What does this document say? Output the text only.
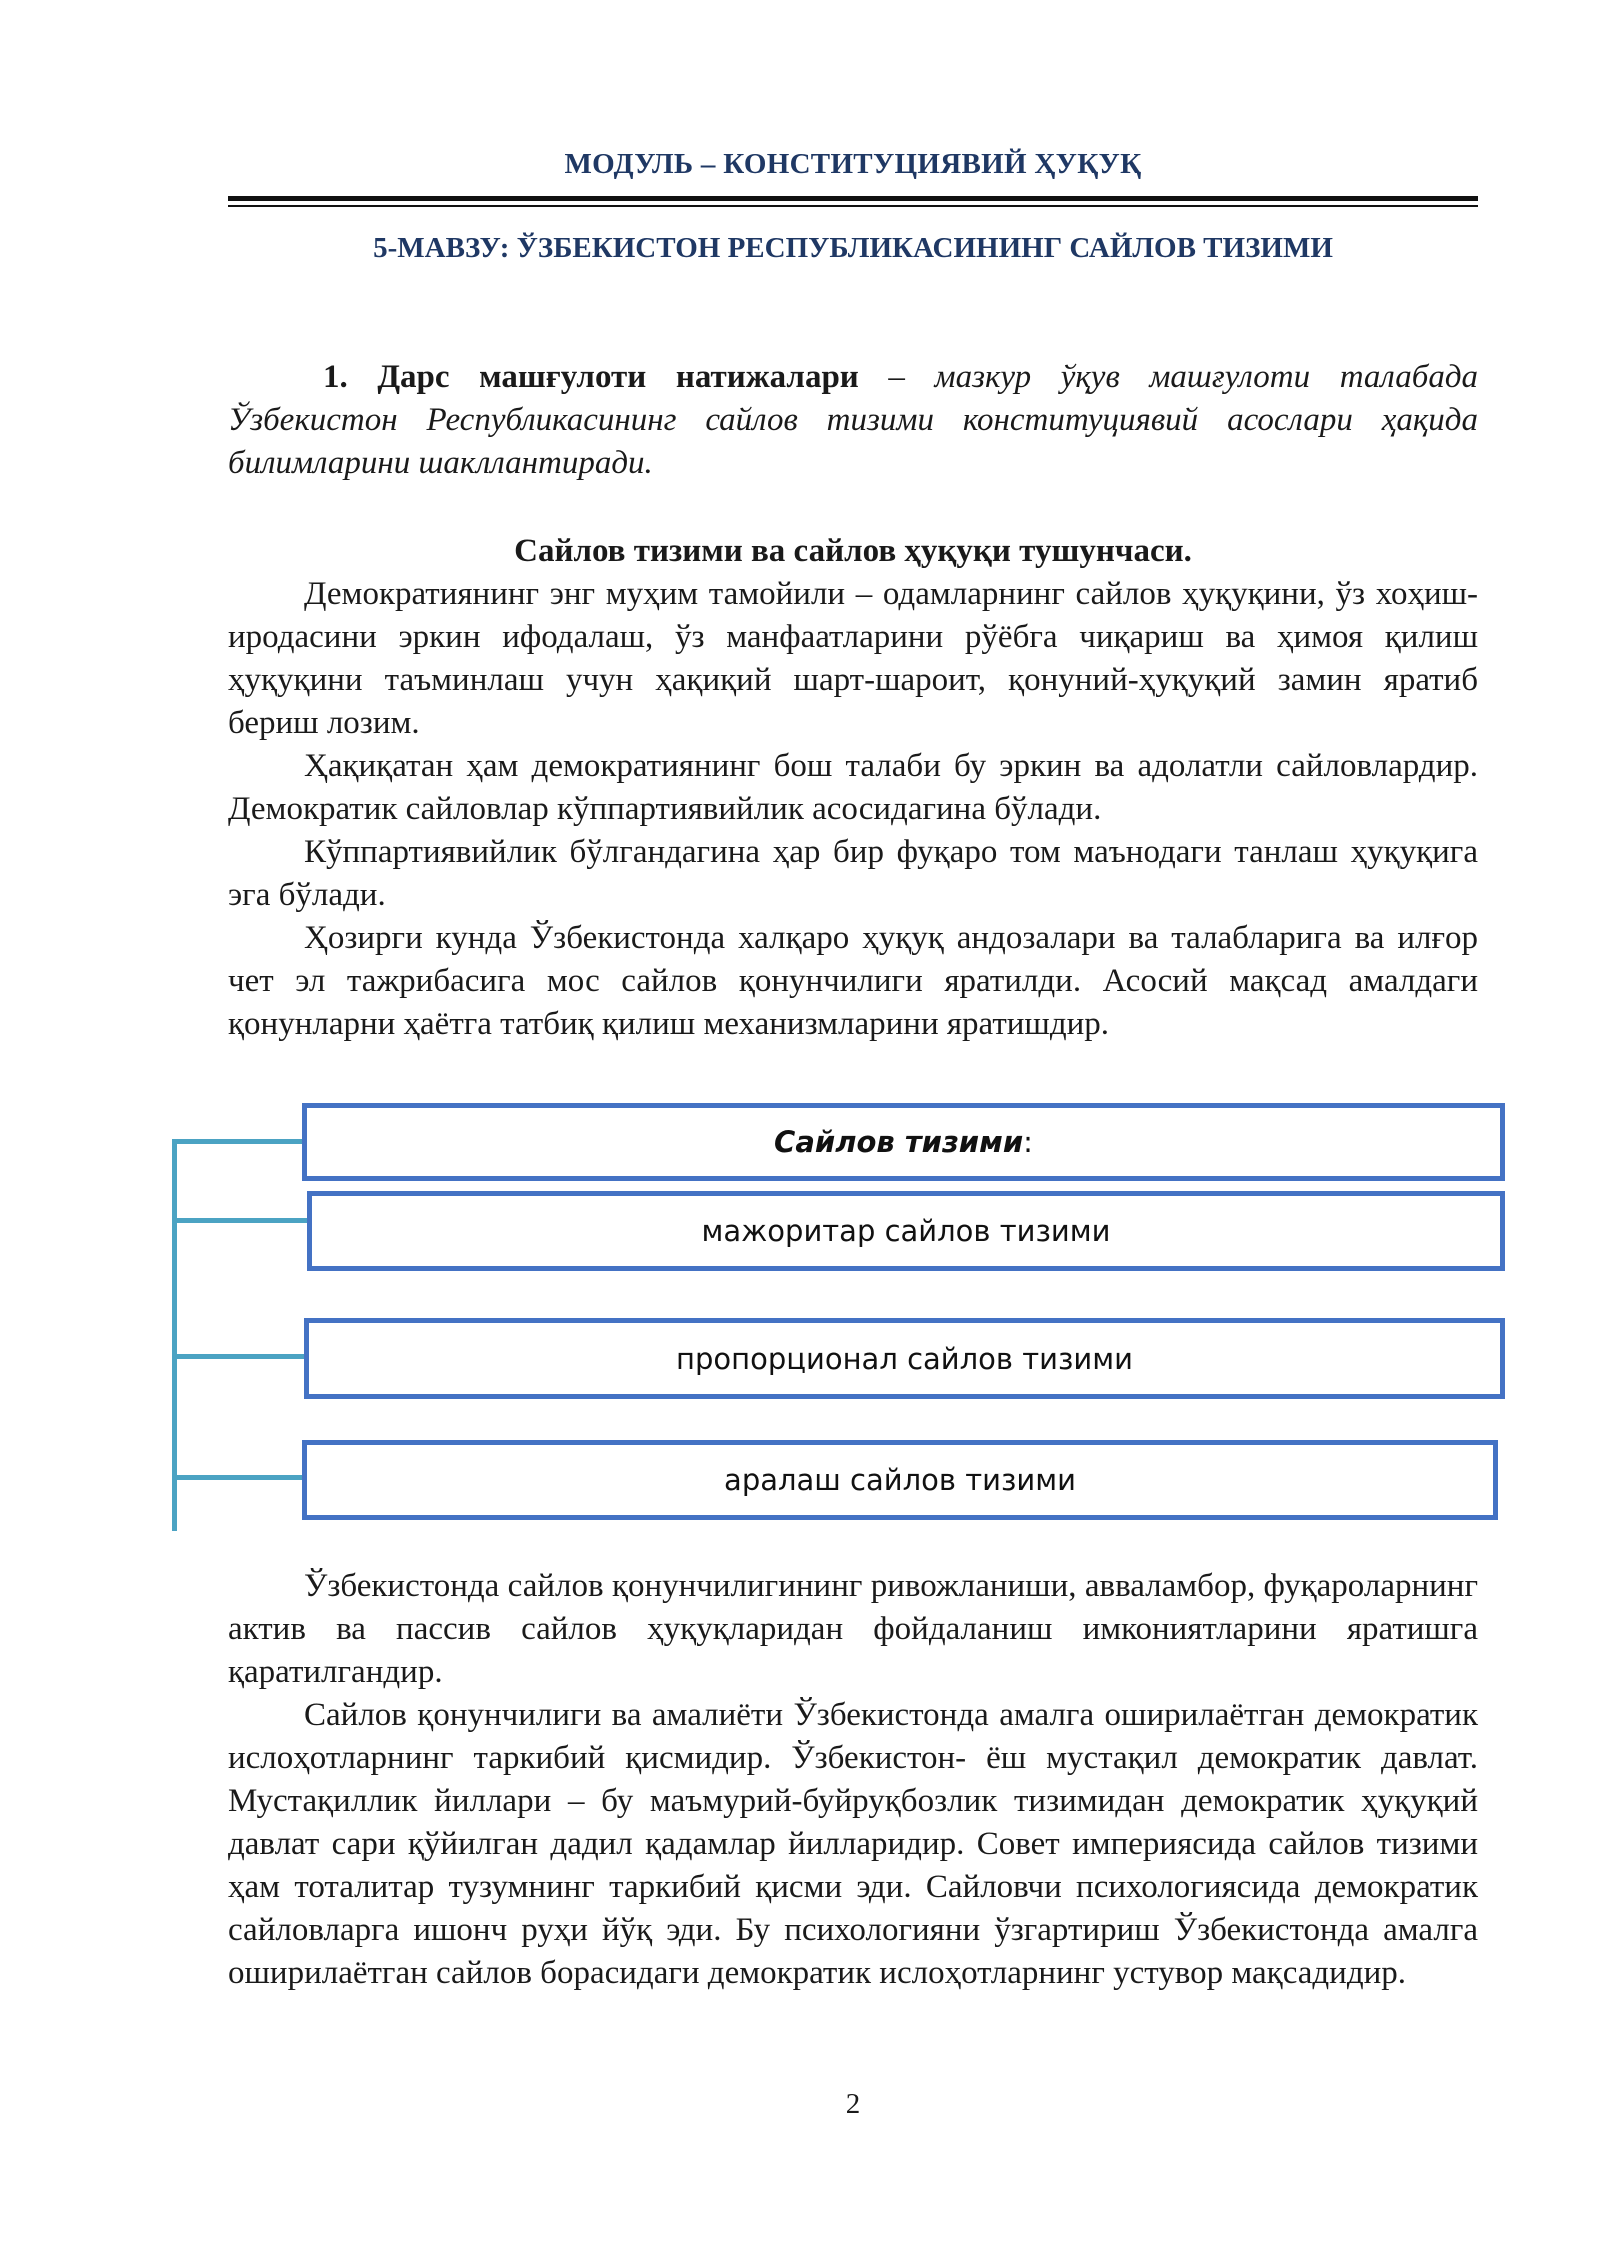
МОДУЛЬ – КОНСТИТУЦИЯВИЙ ҲУҚУҚ
5-МАВЗУ: ЎЗБЕКИСТОН РЕСПУБЛИКАСИНИНГ САЙЛОВ ТИЗИМИ
1. Дарс машғулоти натижалари – мазкур ўқув машғулоти талабада Ўзбекистон Республикасининг сайлов тизими конституциявий асослари ҳақида билимларини шакллантиради.
Сайлов тизими ва сайлов ҳуқуқи тушунчаси.
Демократиянинг энг муҳим тамойили – одамларнинг сайлов ҳуқуқини, ўз хоҳиш-иродасини эркин ифодалаш, ўз манфаатларини рўёбга чиқариш ва ҳимоя қилиш ҳуқуқини таъминлаш учун ҳақиқий шарт-шароит, қонуний-ҳуқуқий замин яратиб бериш лозим.
Ҳақиқатан ҳам демократиянинг бош талаби бу эркин ва адолатли сайловлардир. Демократик сайловлар кўппартиявийлик асосидагина бўлади.
Кўппартиявийлик бўлгандагина ҳар бир фуқаро том маънодаги танлаш ҳуқуқига эга бўлади.
Ҳозирги кунда Ўзбекистонда халқаро ҳуқуқ андозалари ва талабларига ва илғор чет эл тажрибасига мос сайлов қонунчилиги яратилди. Асосий мақсад амалдаги қонунларни ҳаётга татбиқ қилиш механизмларини яратишдир.
Сайлов тизими :
мажоритар сайлов тизими
пропорционал сайлов тизими
аралаш сайлов тизими
Ўзбекистонда сайлов қонунчилигининг ривожланиши, авваламбор, фуқароларнинг актив ва пассив сайлов ҳуқуқларидан фойдаланиш имкониятларини яратишга қаратилгандир.
Сайлов қонунчилиги ва амалиёти Ўзбекистонда амалга оширилаётган демократик ислоҳотларнинг таркибий қисмидир. Ўзбекистон- ёш мустақил демократик давлат. Мустақиллик йиллари – бу маъмурий-буйруқбозлик тизимидан демократик ҳуқуқий давлат сари қўйилган дадил қадамлар йилларидир. Совет империясида сайлов тизими ҳам тоталитар тузумнинг таркибий қисми эди. Сайловчи психологиясида демократик сайловларга ишонч руҳи йўқ эди. Бу психологияни ўзгартириш Ўзбекистонда амалга оширилаётган сайлов борасидаги демократик ислоҳотларнинг устувор мақсадидир.
2
